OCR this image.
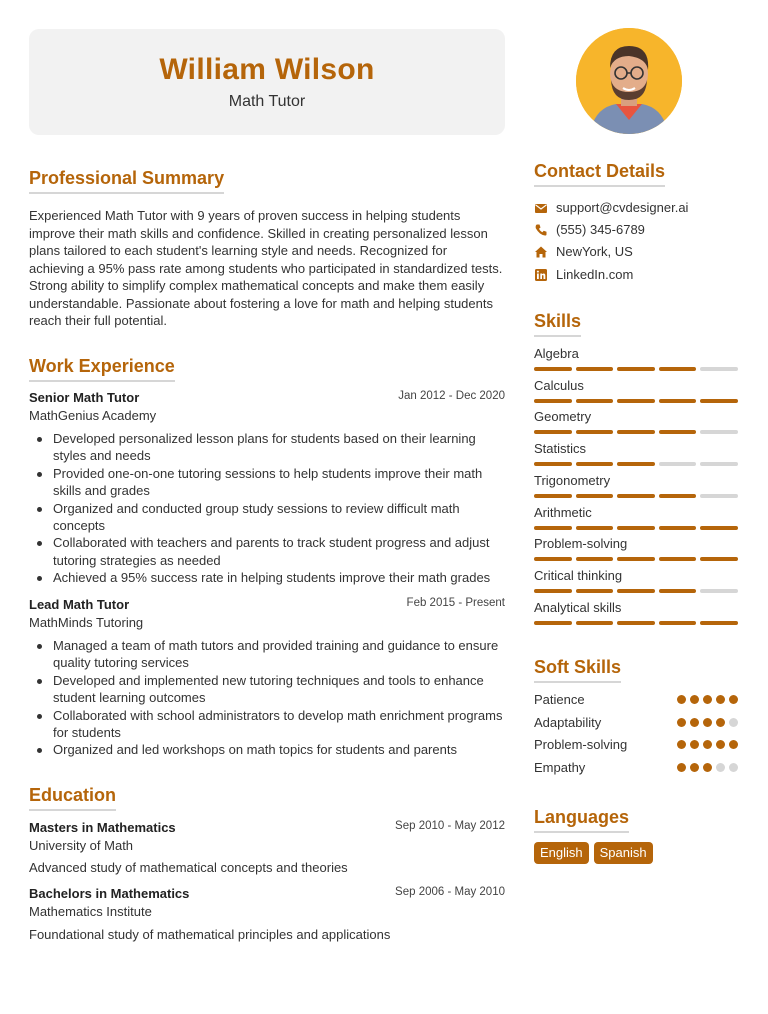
William Wilson
Math Tutor
Professional Summary
Experienced Math Tutor with 9 years of proven success in helping students improve their math skills and confidence. Skilled in creating personalized lesson plans tailored to each student's learning style and needs. Recognized for achieving a 95% pass rate among students who participated in standardized tests. Strong ability to simplify complex mathematical concepts and make them easily understandable. Passionate about fostering a love for math and helping students reach their full potential.
Work Experience
Senior Math Tutor	Jan 2012 - Dec 2020
MathGenius Academy
Developed personalized lesson plans for students based on their learning styles and needs
Provided one-on-one tutoring sessions to help students improve their math skills and grades
Organized and conducted group study sessions to review difficult math concepts
Collaborated with teachers and parents to track student progress and adjust tutoring strategies as needed
Achieved a 95% success rate in helping students improve their math grades
Lead Math Tutor	Feb 2015 - Present
MathMinds Tutoring
Managed a team of math tutors and provided training and guidance to ensure quality tutoring services
Developed and implemented new tutoring techniques and tools to enhance student learning outcomes
Collaborated with school administrators to develop math enrichment programs for students
Organized and led workshops on math topics for students and parents
Education
Masters in Mathematics	Sep 2010 - May 2012
University of Math
Advanced study of mathematical concepts and theories
Bachelors in Mathematics	Sep 2006 - May 2010
Mathematics Institute
Foundational study of mathematical principles and applications
Contact Details
support@cvdesigner.ai
(555) 345-6789
NewYork, US
LinkedIn.com
Skills
Algebra
Calculus
Geometry
Statistics
Trigonometry
Arithmetic
Problem-solving
Critical thinking
Analytical skills
Soft Skills
Patience
Adaptability
Problem-solving
Empathy
Languages
English	Spanish
